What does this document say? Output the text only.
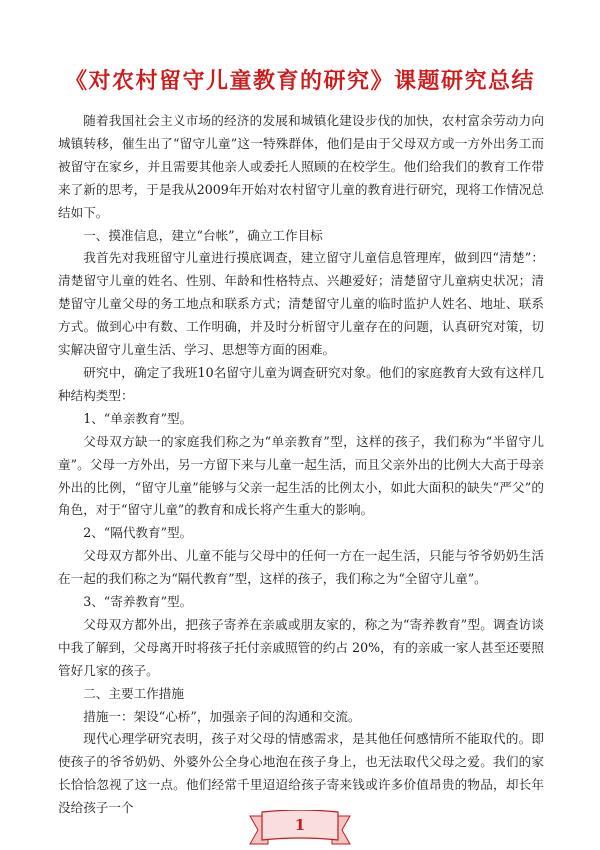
《对农村留守儿童教育的研究》课题研究总结

随着我国社会主义市场的经济的发展和城镇化建设步伐的加快，农村富余劳动力向城镇转移，催生出了“留守儿童”这一特殊群体，他们是由于父母双方或一方外出务工而被留守在家乡，并且需要其他亲人或委托人照顾的在校学生。他们给我们的教育工作带来了新的思考，于是我从2009年开始对农村留守儿童的教育进行研究，现将工作情况总结如下。

一、摸准信息，建立“台帐”，确立工作目标

我首先对我班留守儿童进行摸底调查，建立留守儿童信息管理库，做到四“清楚”：清楚留守儿童的姓名、性别、年龄和性格特点、兴趣爱好；清楚留守儿童病史状况；清楚留守儿童父母的务工地点和联系方式；清楚留守儿童的临时监护人姓名、地址、联系方式。做到心中有数、工作明确，并及时分析留守儿童存在的问题，认真研究对策，切实解决留守儿童生活、学习、思想等方面的困难。

研究中，确定了我班10名留守儿童为调查研究对象。他们的家庭教育大致有这样几种结构类型：

1、“单亲教育”型。

父母双方缺一的家庭我们称之为“单亲教育”型，这样的孩子，我们称为“半留守儿童”。父母一方外出，另一方留下来与儿童一起生活，而且父亲外出的比例大大高于母亲外出的比例，“留守儿童”能够与父亲一起生活的比例太小，如此大面积的缺失“严父”的角色，对于“留守儿童”的教育和成长将产生重大的影响。

2、“隔代教育”型。

父母双方都外出、儿童不能与父母中的任何一方在一起生活，只能与爷爷奶奶生活在一起的我们称之为“隔代教育”型，这样的孩子，我们称之为“全留守儿童”。

3、“寄养教育”型。

父母双方都外出，把孩子寄养在亲戚或朋友家的，称之为“寄养教育”型。调查访谈中我了解到，父母离开时将孩子托付亲戚照管的约占 20%，有的亲戚一家人甚至还要照管好几家的孩子。

二、主要工作措施

措施一：架设“心桥”，加强亲子间的沟通和交流。

现代心理学研究表明，孩子对父母的情感需求，是其他任何感情所不能取代的。即使孩子的爷爷奶奶、外婆外公全身心地泡在孩子身上，也无法取代父母之爱。我们的家长恰恰忽视了这一点。他们经常千里迢迢给孩子寄来钱或许多价值昂贵的物品，却长年没给孩子一个

1
